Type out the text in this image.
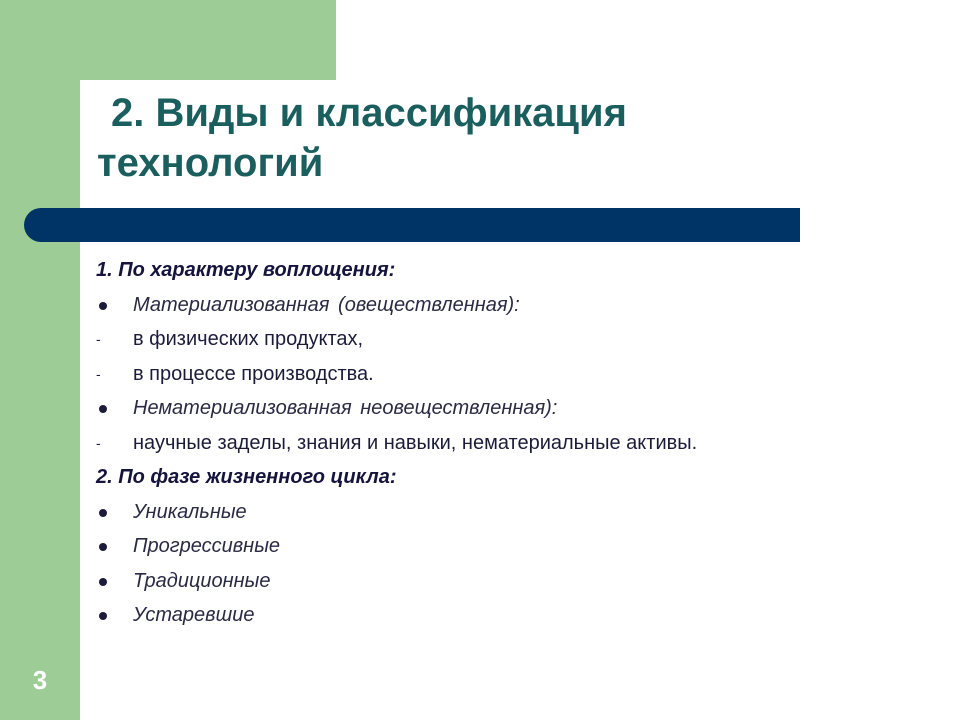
3
2. Виды и классификация
технологий
1. По характеру воплощения:
Материализованная (овеществленная):
- в физических продуктах,
- в процессе производства.
Нематериализованная неовеществленная):
- научные заделы, знания и навыки, нематериальные активы.
2. По фазе жизненного цикла:
Уникальные
Прогрессивные
Традиционные
Устаревшие
